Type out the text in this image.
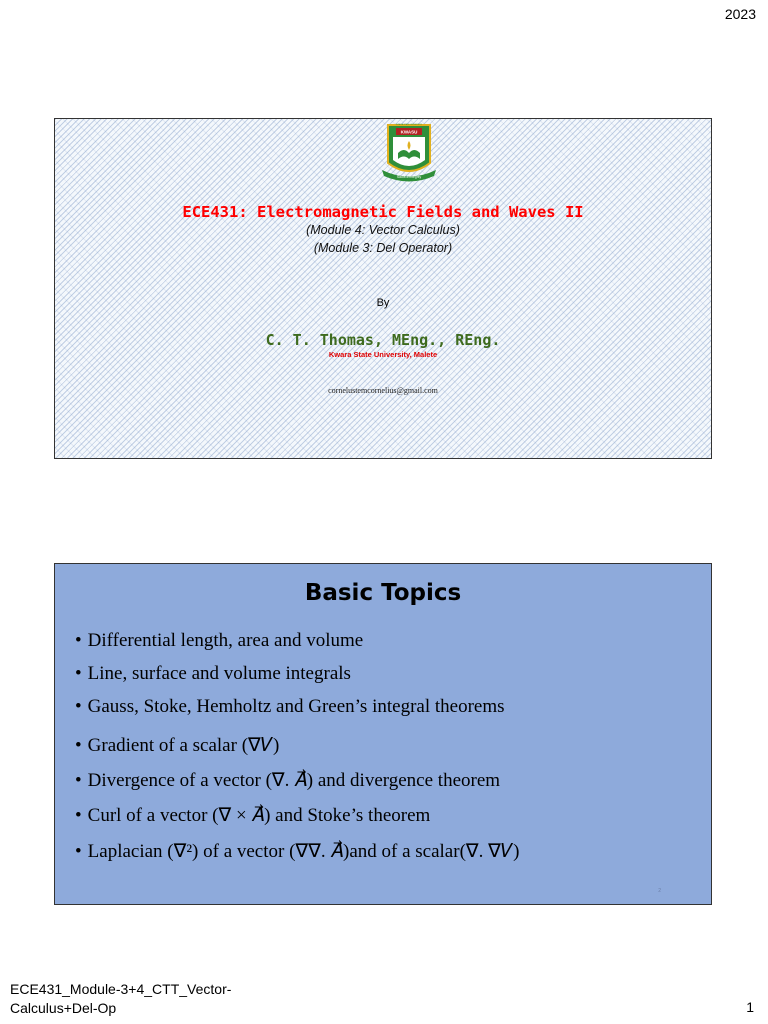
2023
KWASU
Sacra & integrity
KWARA STATE UNIVERSITY
ECE431: Electromagnetic Fields and Waves II
(Module 4: Vector Calculus)
(Module 3: Del Operator)
By
C. T. Thomas, MEng., REng.
Kwara State University, Malete
cornelustemcornelius@gmail.com
Basic Topics
• Differential length, area and volume
• Line, surface and volume integrals
• Gauss, Stoke, Hemholtz and Green’s integral theorems
• Gradient of a scalar (∇𝑉)
• Divergence of a vector (∇. 𝐴⃗) and divergence theorem
• Curl of a vector (∇ × 𝐴⃗) and Stoke’s theorem
• Laplacian (∇²) of a vector (∇∇. 𝐴⃗)and of a scalar(∇. ∇𝑉)
2
ECE431_Module-3+4_CTT_Vector-Calculus+Del-Op	1
